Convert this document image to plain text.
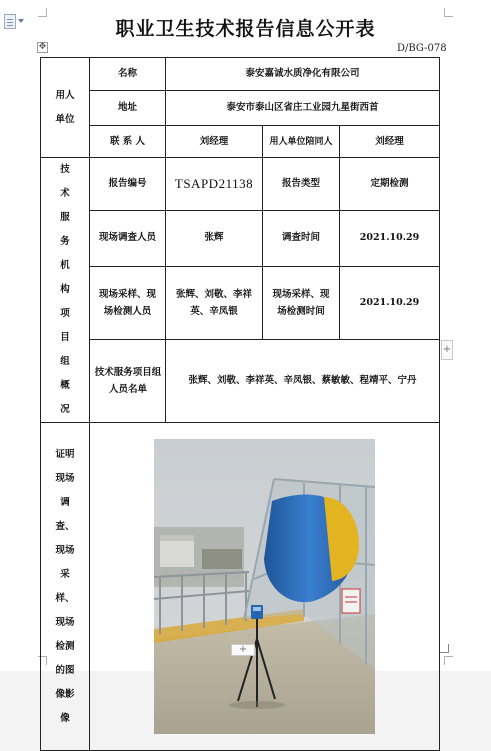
✥
职业卫生技术报告信息公开表
D/BG-078
用人单位	名称	泰安嘉诚水质净化有限公司		
	地址	泰安市泰山区省庄工业园九星街西首		
	联 系 人	刘经理	用人单位陪同人	刘经理
技术服务机构项目组概况	报告编号	TSAPD21138	报告类型	定期检测
	现场调查人员	张辉	调查时间	2021.10.29
	现场采样、现场检测人员	张辉、刘敬、李祥英、辛凤银	现场采样、现场检测时间	2021.10.29
	技术服务项目组人员名单	张辉、刘敬、李祥英、辛凤银、蔡敏敏、程靖平、宁丹		
证明现场调查、现场采样、现场检测的图像影像	
+
+
